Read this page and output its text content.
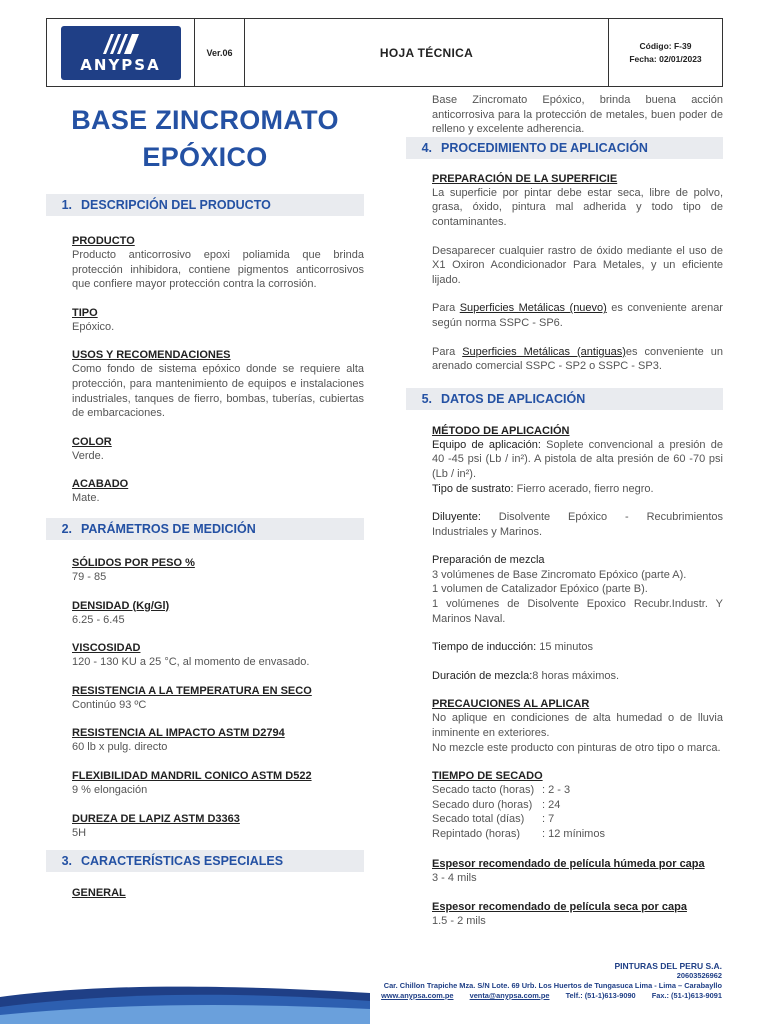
ANYPSA
Ver.06	HOJA TÉCNICA	Código: F-39
Fecha: 02/01/2023
BASE ZINCROMATO
EPÓXICO
1. DESCRIPCIÓN DEL PRODUCTO
PRODUCTO
Producto anticorrosivo epoxi poliamida que brinda protección inhibidora, contiene pigmentos anticorrosivos que confiere mayor protección contra la corrosión.
TIPO
Epóxico.
USOS Y RECOMENDACIONES
Como fondo de sistema epóxico donde se requiere alta protección, para mantenimiento de equipos e instalaciones industriales, tanques de fierro, bombas, tuberías, cubiertas de embarcaciones.
COLOR
Verde.
ACABADO
Mate.
2. PARÁMETROS DE MEDICIÓN
SÓLIDOS POR PESO %
79 - 85
DENSIDAD (Kg/Gl)
6.25 - 6.45
VISCOSIDAD
120 - 130 KU a 25 °C, al momento de envasado.
RESISTENCIA A LA TEMPERATURA EN SECO
Continúo 93 ºC
RESISTENCIA AL IMPACTO ASTM D2794
60 lb x pulg. directo
FLEXIBILIDAD MANDRIL CONICO ASTM D522
9 % elongación
DUREZA DE LAPIZ ASTM D3363
5H
3. CARACTERÍSTICAS ESPECIALES
GENERAL
Base Zincromato Epóxico, brinda buena acción anticorrosiva para la protección de metales, buen poder de relleno y excelente adherencia.
4. PROCEDIMIENTO DE APLICACIÓN
PREPARACIÓN DE LA SUPERFICIE
La superficie por pintar debe estar seca, libre de polvo, grasa, óxido, pintura mal adherida y todo tipo de contaminantes.
Desaparecer cualquier rastro de óxido mediante el uso de X1 Oxiron Acondicionador Para Metales, y un eficiente lijado.
Para Superficies Metálicas (nuevo) es conveniente arenar según norma SSPC - SP6.
Para Superficies Metálicas (antiguas)es conveniente un arenado comercial SSPC - SP2 o SSPC - SP3.
5. DATOS DE APLICACIÓN
MÉTODO DE APLICACIÓN
Equipo de aplicación: Soplete convencional a presión de 40 -45 psi (Lb / in²). A pistola de alta presión de 60 -70 psi (Lb / in²).
Tipo de sustrato: Fierro acerado, fierro negro.
Diluyente: Disolvente Epóxico - Recubrimientos Industriales y Marinos.
Preparación de mezcla
3 volúmenes de Base Zincromato Epóxico (parte A).
1 volumen de Catalizador Epóxico (parte B).
1 volúmenes de Disolvente Epoxico Recubr.Industr. Y Marinos Naval.
Tiempo de inducción: 15 minutos
Duración de mezcla:8 horas máximos.
PRECAUCIONES AL APLICAR
No aplique en condiciones de alta humedad o de lluvia inminente en exteriores.
No mezcle este producto con pinturas de otro tipo o marca.
TIEMPO DE SECADO
Secado tacto (horas) : 2 - 3
Secado duro (horas) : 24
Secado total (días)	: 7
Repintado (horas)	: 12 mínimos
Espesor recomendado de película húmeda por capa
3 - 4 mils
Espesor recomendado de película seca por capa
1.5 - 2 mils
PINTURAS DEL PERU S.A.
20603526962
Car. Chillon Trapiche Mza. S/N Lote. 69 Urb. Los Huertos de Tungasuca Lima - Lima – Carabayllo
www.anypsa.com.pe venta@anypsa.com.pe Telf.: (51-1)613-9090 Fax.: (51-1)613-9091
